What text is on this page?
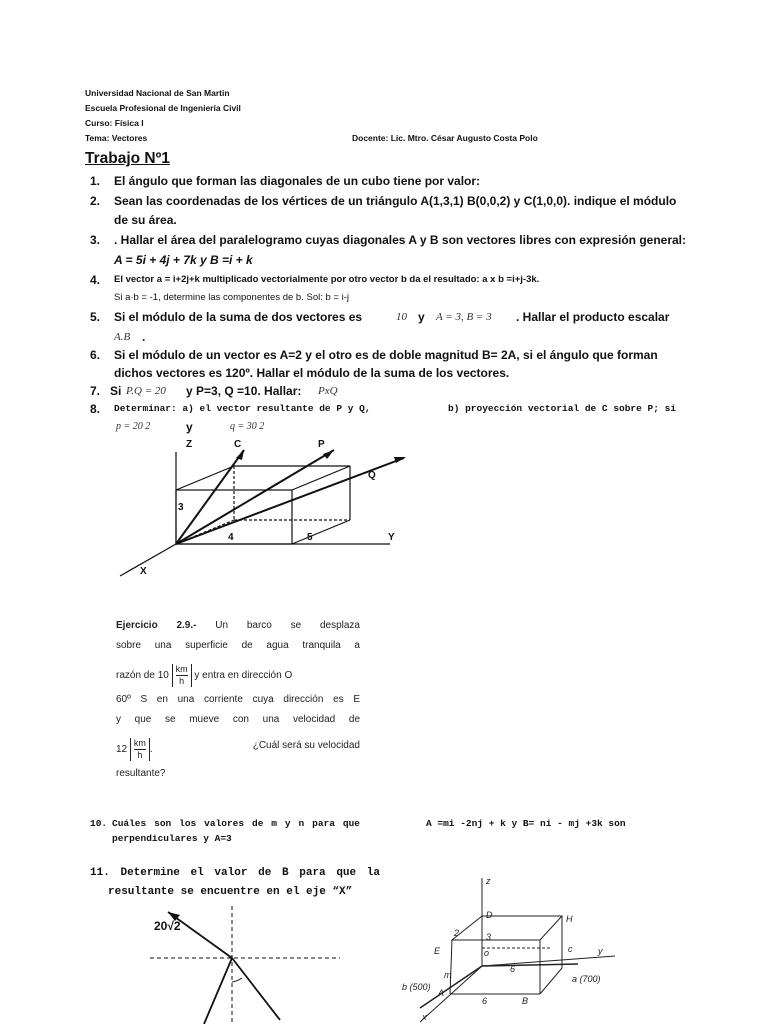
Universidad Nacional de San Martin
Escuela Profesional de Ingeniería Civil
Curso: Física I
Tema: Vectores	Docente: Lic. Mtro. César Augusto Costa Polo
Trabajo Nº1
1.	El ángulo que forman las diagonales de un cubo tiene por valor:
2.	Sean las coordenadas de los vértices de un triángulo A(1,3,1) B(0,0,2) y C(1,0,0). indique el módulo
de su área.
3.	. Hallar el área del paralelogramo cuyas diagonales A y B son vectores libres con expresión general:
A = 5i + 4j + 7k y B =i + k
4.	El vector a = i+2j+k multiplicado vectorialmente por otro vector b da el resultado: a x b =i+j-3k.
Si a·b = -1, determine las componentes de b. Sol: b = i-j
5.	Si el módulo de la suma de dos vectores es	10 y A = 3, B = 3 . Hallar el producto escalar
A.B .
6.	Si el módulo de un vector es A=2 y el otro es de doble magnitud B= 2A, si el ángulo que forman
dichos vectores es 120º. Hallar el módulo de la suma de los vectores.
7. Si P.Q = 20 y P=3, Q =10. Hallar: PxQ
8.	Determinar: a) el vector resultante de P y Q,	b) proyección vectorial de C sobre P; si
p = 20 2	y	q = 30 2
Z	C	P
Q
3
4	5	Y
X
Ejercicio 2.9.- Un barco se desplaza
sobre una superficie de agua tranquila a
razón de $10 \frac{km}{h}$ y entra en dirección O
60º S en una corriente cuya dirección es E
y que se mueve con una velocidad de
$12 \frac{km}{h}$ .	¿Cuál será su velocidad
resultante?
10. Cuáles son los valores de m y n para que	A =mi -2nj + k y B= ni - mj +3k son
perpendiculares y A=3
11. Determine el valor de B para que la
resultante se encuentre en el eje “X”
20√2
z
D	H
E
2	3
c
o	y
6
m
b (500)
a (700)
A
6	B
x
